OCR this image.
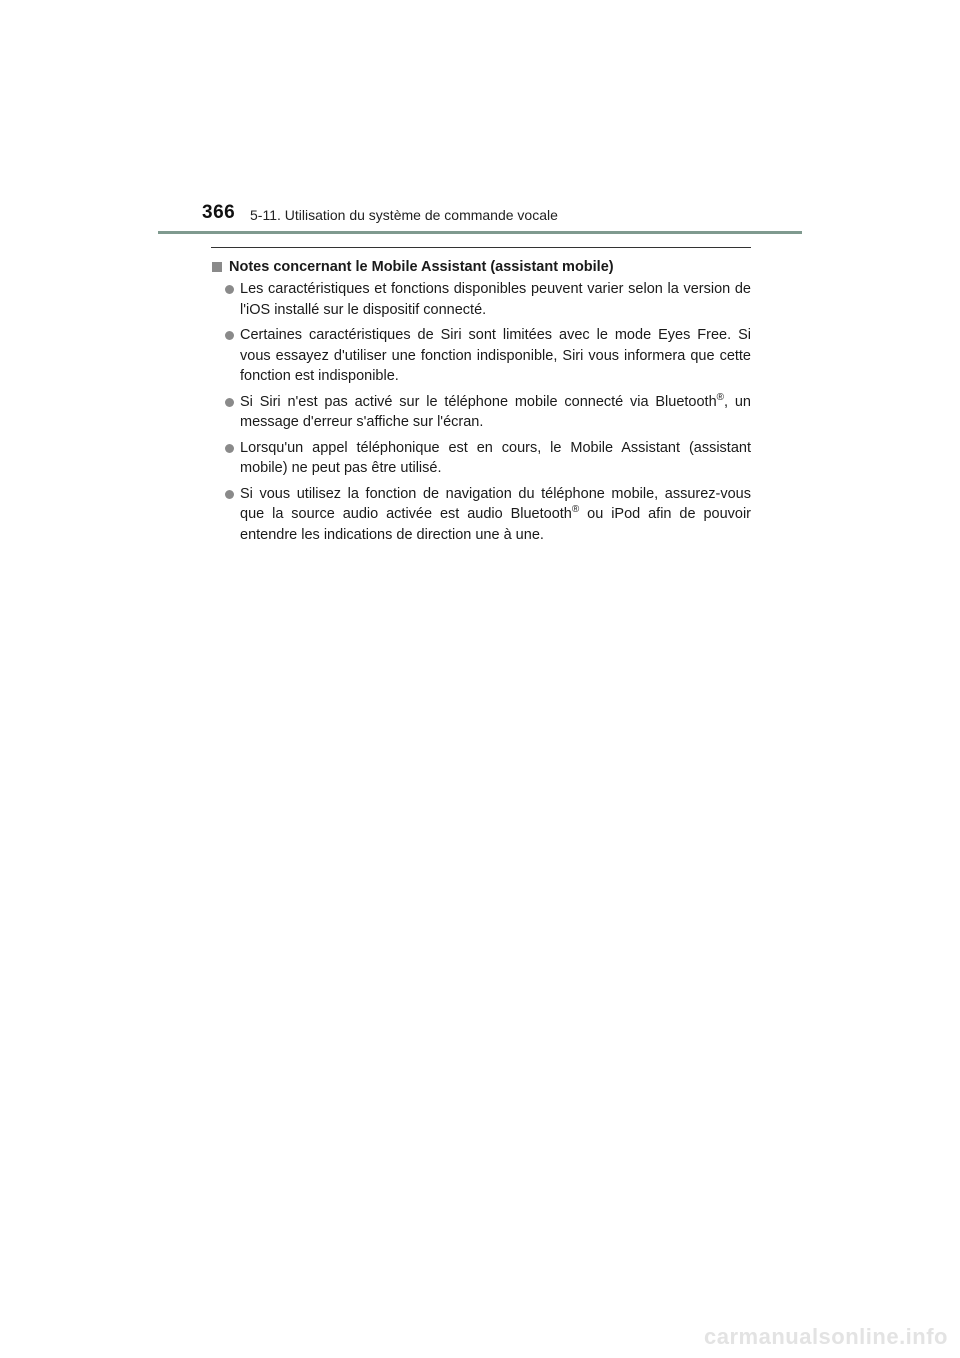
366 5-11. Utilisation du système de commande vocale
Notes concernant le Mobile Assistant (assistant mobile)
Les caractéristiques et fonctions disponibles peuvent varier selon la version de l'iOS installé sur le dispositif connecté.
Certaines caractéristiques de Siri sont limitées avec le mode Eyes Free. Si vous essayez d'utiliser une fonction indisponible, Siri vous informera que cette fonction est indisponible.
Si Siri n'est pas activé sur le téléphone mobile connecté via Bluetooth®, un message d'erreur s'affiche sur l'écran.
Lorsqu'un appel téléphonique est en cours, le Mobile Assistant (assistant mobile) ne peut pas être utilisé.
Si vous utilisez la fonction de navigation du téléphone mobile, assurez-vous que la source audio activée est audio Bluetooth® ou iPod afin de pouvoir entendre les indications de direction une à une.
carmanualsonline.info
